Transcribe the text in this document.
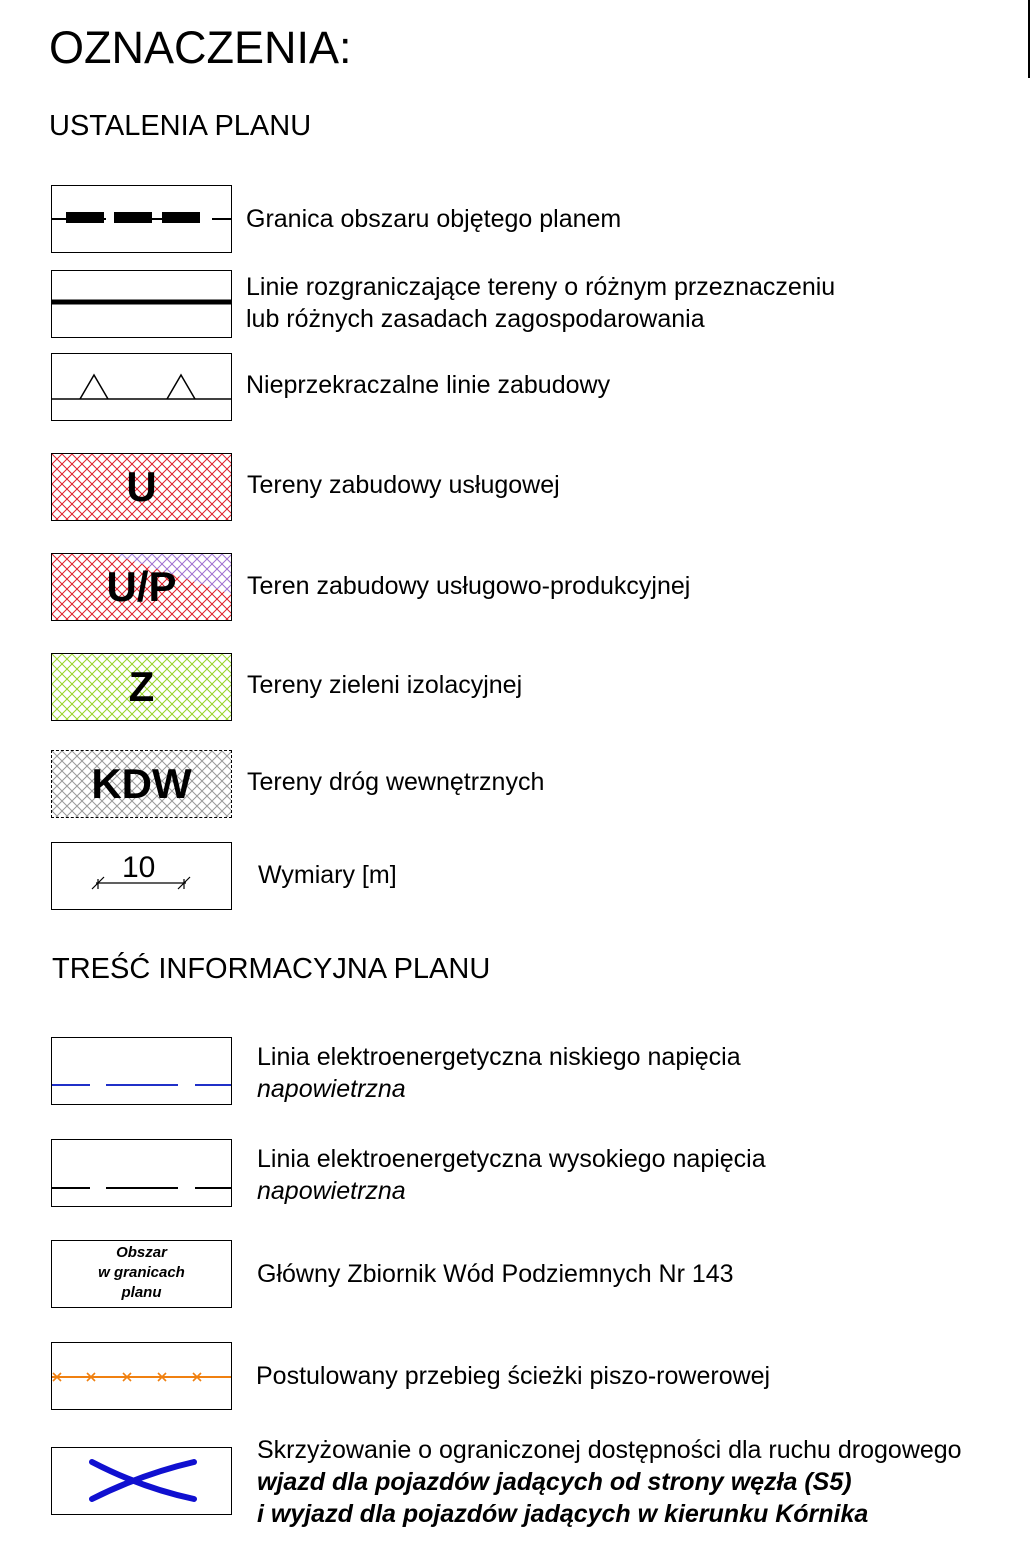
OZNACZENIA:
USTALENIA PLANU
Granica obszaru objętego planem
Linie rozgraniczające tereny o różnym przeznaczeniu
lub różnych zasadach zagospodarowania
Nieprzekraczalne linie zabudowy
U	Tereny zabudowy usługowej
U/P	Teren zabudowy usługowo-produkcyjnej
Z	Tereny zieleni izolacyjnej
KDW	Tereny dróg wewnętrznych
10	Wymiary [m]
TREŚĆ INFORMACYJNA PLANU
Linia elektroenergetyczna niskiego napięcia
napowietrzna
Linia elektroenergetyczna wysokiego napięcia
napowietrzna
Obszar
w granicach
planu
Główny Zbiornik Wód Podziemnych Nr 143
Postulowany przebieg ścieżki piszo-rowerowej
Skrzyżowanie o ograniczonej dostępności dla ruchu drogowego
wjazd dla pojazdów jadących od strony węzła (S5)
i wyjazd dla pojazdów jadących w kierunku Kórnika
